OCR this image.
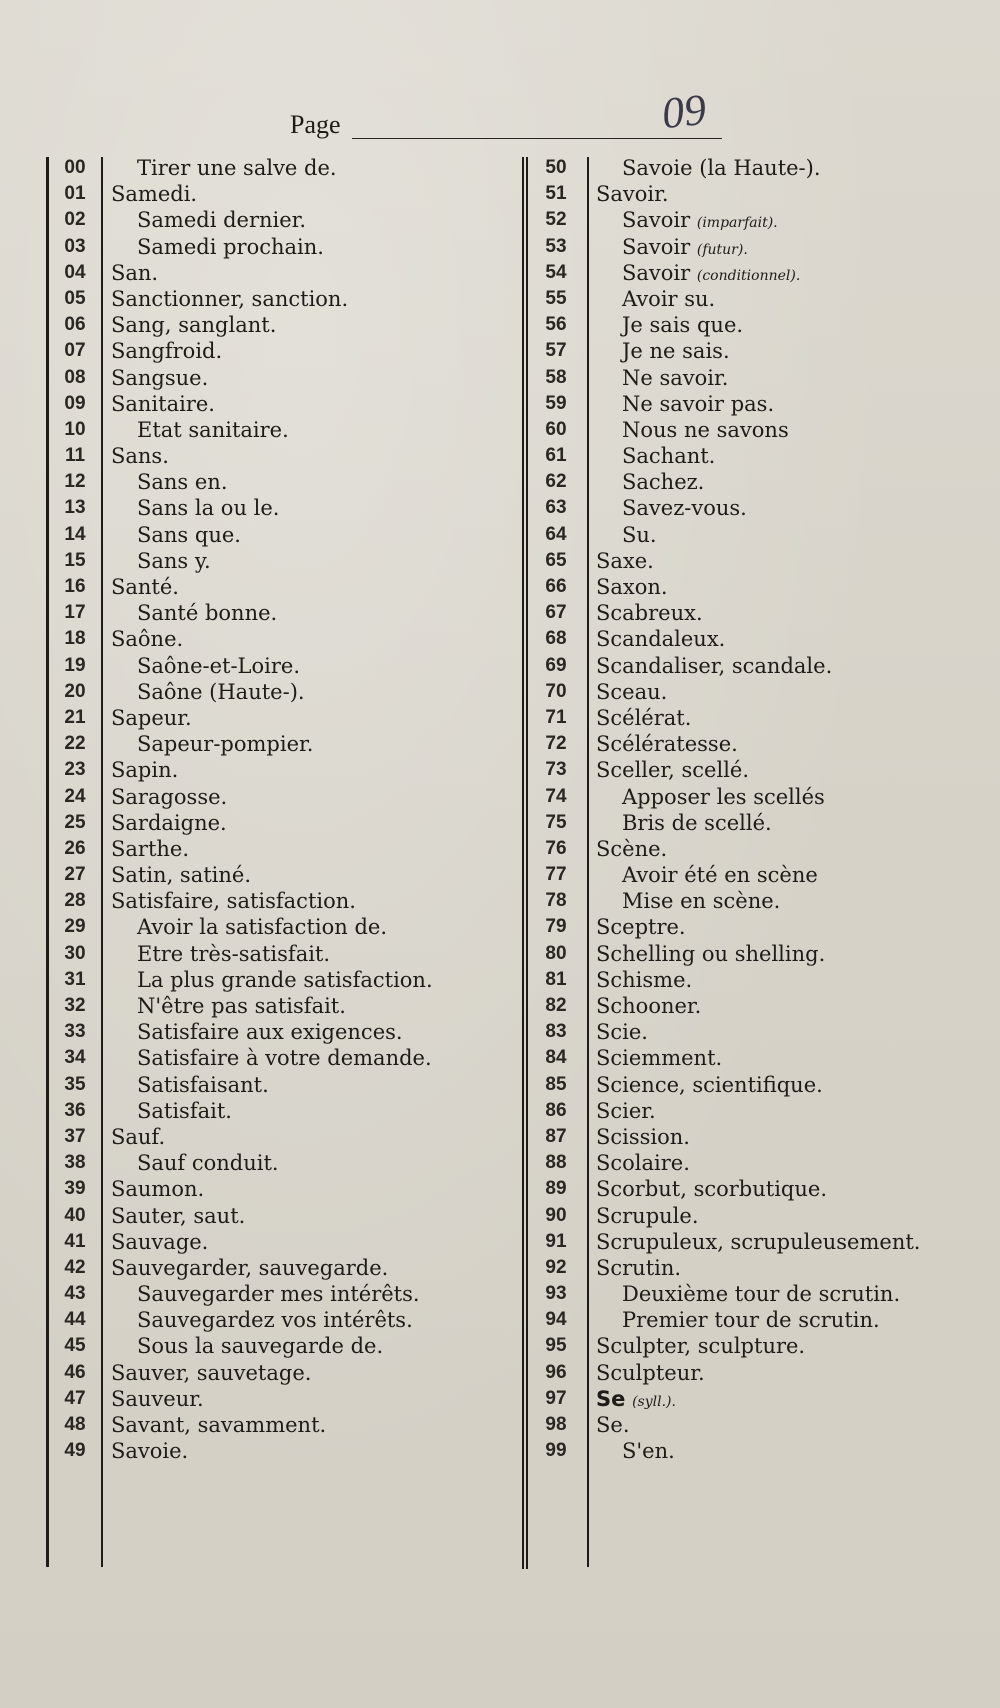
Page	09
00	Tirer une salve de.
01	Samedi.
02	Samedi dernier.
03	Samedi prochain.
04	San.
05	Sanctionner, sanction.
06	Sang, sanglant.
07	Sangfroid.
08	Sangsue.
09	Sanitaire.
10	Etat sanitaire.
11	Sans.
12	Sans en.
13	Sans la ou le.
14	Sans que.
15	Sans y.
16	Santé.
17	Santé bonne.
18	Saône.
19	Saône-et-Loire.
20	Saône (Haute-).
21	Sapeur.
22	Sapeur-pompier.
23	Sapin.
24	Saragosse.
25	Sardaigne.
26	Sarthe.
27	Satin, satiné.
28	Satisfaire, satisfaction.
29	Avoir la satisfaction de.
30	Etre très-satisfait.
31	La plus grande satisfaction.
32	N'être pas satisfait.
33	Satisfaire aux exigences.
34	Satisfaire à votre demande.
35	Satisfaisant.
36	Satisfait.
37	Sauf.
38	Sauf conduit.
39	Saumon.
40	Sauter, saut.
41	Sauvage.
42	Sauvegarder, sauvegarde.
43	Sauvegarder mes intérêts.
44	Sauvegardez vos intérêts.
45	Sous la sauvegarde de.
46	Sauver, sauvetage.
47	Sauveur.
48	Savant, savamment.
49	Savoie.
50	Savoie (la Haute-).
51	Savoir.
52	Savoir (imparfait).
53	Savoir (futur).
54	Savoir (conditionnel).
55	Avoir su.
56	Je sais que.
57	Je ne sais.
58	Ne savoir.
59	Ne savoir pas.
60	Nous ne savons
61	Sachant.
62	Sachez.
63	Savez-vous.
64	Su.
65	Saxe.
66	Saxon.
67	Scabreux.
68	Scandaleux.
69	Scandaliser, scandale.
70	Sceau.
71	Scélérat.
72	Scélératesse.
73	Sceller, scellé.
74	Apposer les scellés
75	Bris de scellé.
76	Scène.
77	Avoir été en scène
78	Mise en scène.
79	Sceptre.
80	Schelling ou shelling.
81	Schisme.
82	Schooner.
83	Scie.
84	Sciemment.
85	Science, scientifique.
86	Scier.
87	Scission.
88	Scolaire.
89	Scorbut, scorbutique.
90	Scrupule.
91	Scrupuleux, scrupuleusement.
92	Scrutin.
93	Deuxième tour de scrutin.
94	Premier tour de scrutin.
95	Sculpter, sculpture.
96	Sculpteur.
97	Se (syll.).
98	Se.
99	S'en.
